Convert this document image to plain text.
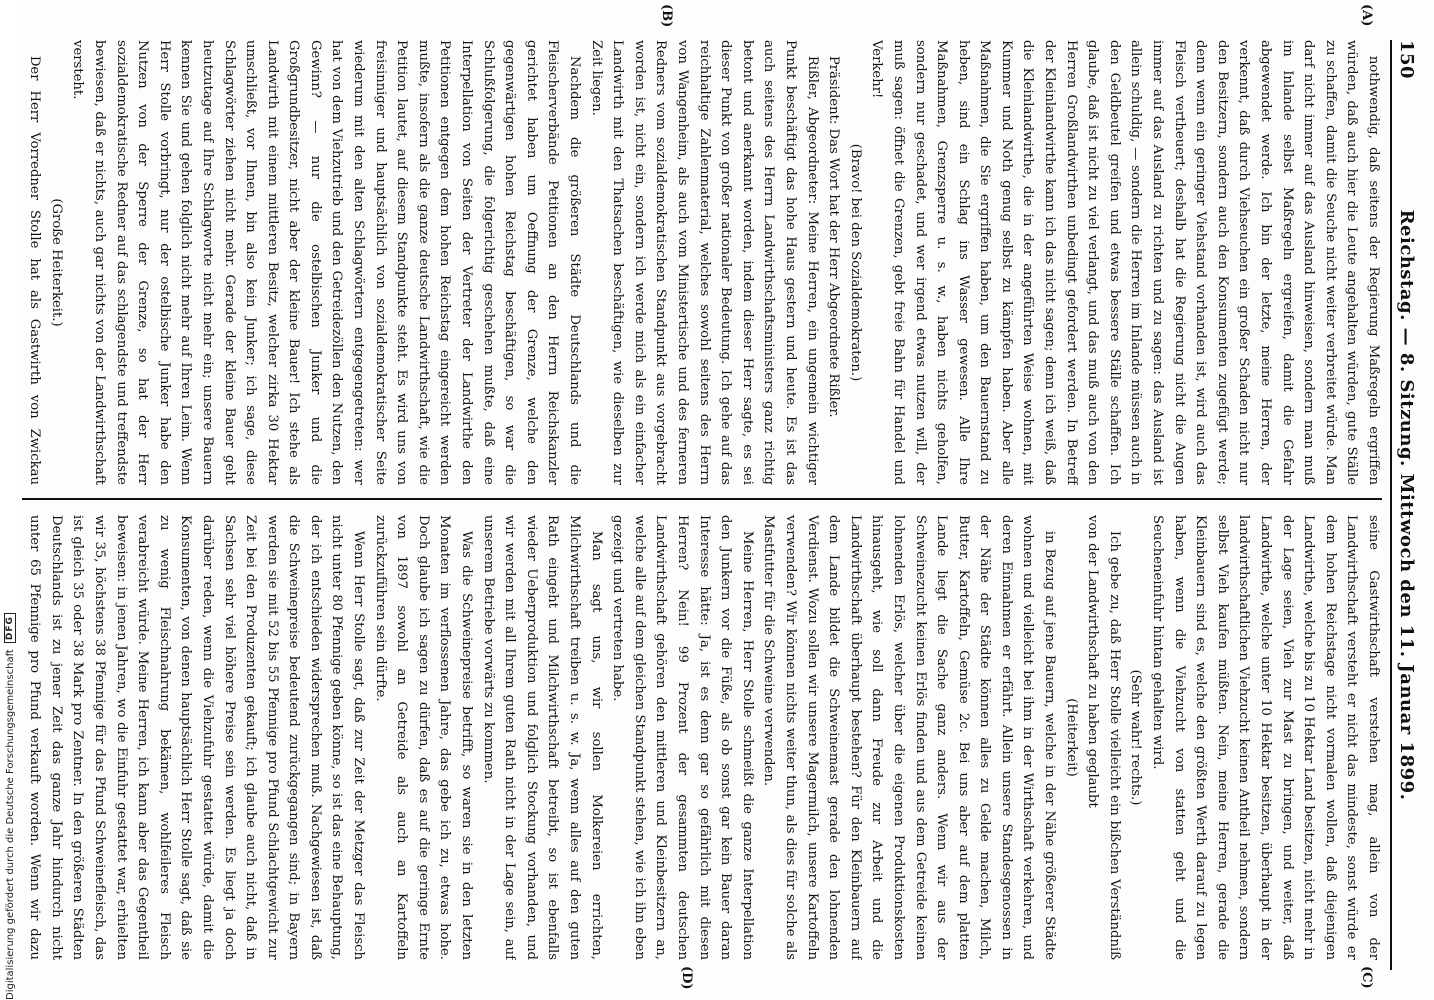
Digitalisierung gefördert durch die Deutsche Forschungsgemeinschaft
DFG
150
Reichstag. — 8. Sitzung. Mittwoch den 11. Januar 1899.
(A)
(B)
(C)
(D)

nothwendig, daß seitens der Regierung Maßregeln ergriffen würden, daß auch hier die Leute angehalten würden, gute Ställe zu schaffen, damit die Seuche nicht weiter verbreitet würde. Man darf nicht immer auf das Ausland hinweisen, sondern man muß im Inlande selbst Maßregeln ergreifen, damit die Gefahr abgewendet werde. Ich bin der letzte, meine Herren, der verkennt, daß durch Viehseuchen ein großer Schaden nicht nur den Besitzern, sondern auch den Konsumenten zugefügt werde; denn wenn ein geringer Viehstand vorhanden ist, wird auch das Fleisch vertheuert; deshalb hat die Regierung nicht die Augen immer auf das Ausland zu richten und zu sagen: das Ausland ist allein schuldig, — sondern die Herren im Inlande müssen auch in den Geldbeutel greifen und etwas bessere Ställe schaffen. Ich glaube, daß ist nicht zu viel verlangt, und das muß auch von den Herren Großlandwirthen unbedingt gefordert werden. In Betreff der Kleinlandwirthe kann ich das nicht sagen; denn ich weiß, daß die Kleinlandwirthe, die in der angeführten Weise wohnen, mit Kummer und Noth genug selbst zu kämpfen haben. Aber alle Maßnahmen, die Sie ergriffen haben, um den Bauernstand zu heben, sind ein Schlag ins Wasser gewesen. Alle Ihre Maßnahmen, Grenzsperre u. s. w., haben nichts geholfen, sondern nur geschadet, und wer irgend etwas nutzen will, der muß sagen: öffnet die Grenzen, gebt freie Bahn für Handel und Verkehr!

(Bravo! bei den Sozialdemokraten.)

Präsident: Das Wort hat der Herr Abgeordnete Rißler.

Rißler, Abgeordneter: Meine Herren, ein ungemein wichtiger Punkt beschäftigt das hohe Haus gestern und heute. Es ist das auch seitens des Herrn Landwirthschaftsministers ganz richtig betont und anerkannt worden, indem dieser Herr sagte, es sei dieser Punkt von großer nationaler Bedeutung. Ich gehe auf das reichhaltige Zahlenmaterial, welches sowohl seitens des Herrn von Wangenheim, als auch vom Ministertische und des ferneren Redners vom sozialdemokratischen Standpunkt aus vorgebracht worden ist, nicht ein, sondern ich werde mich als ein einfacher Landwirth mit den Thatsachen beschäftigen, wie dieselben zur Zeit liegen.

Nachdem die größeren Städte Deutschlands und die Fleischerverbände Petitionen an den Herrn Reichskanzler gerichtet haben um Oeffnung der Grenze, welche den gegenwärtigen hohen Reichstag beschäftigen, so war die Schlußfolgerung, die folgerichtig geschehen mußte, daß eine Interpellation von Seiten der Vertreter der Landwirthe den Petitionen entgegen dem hohen Reichstag eingereicht werden mußte, insofern als die ganze deutsche Landwirthschaft, wie die Petition lautet, auf diesem Standpunkte steht. Es wird uns von freisinniger und hauptsächlich von sozialdemokratischer Seite wiederum mit den alten Schlagwörtern entgegengetreten: wer hat von dem Viehzutrieb und den Getreidezöllen den Nutzen, den Gewinn? — nur die ostelbischen Junker und die Großgrundbesitzer, nicht aber der kleine Bauer! Ich stehe als Landwirth mit einem mittleren Besitz, welcher zirka 30 Hektar umschließt, vor Ihnen, bin also kein Junker; ich sage, diese Schlagwörter ziehen nicht mehr. Gerade der kleine Bauer geht heutzutage auf Ihre Schlagworte nicht mehr ein; unsere Bauern kennen Sie und gehen folglich nicht mehr auf Ihren Leim. Wenn Herr Stolle vorbringt, nur der ostelbische Junker habe den Nutzen von der Sperre der Grenze, so hat der Herr sozialdemokratische Redner auf das schlagendste und treffendste bewiesen, daß er nichts, auch gar nichts von der Landwirthschaft versteht.

(Große Heiterkeit.)

Der Herr Vorredner Stolle hat als Gastwirth von Zwickau

seine Gastwirthschaft verstehen mag, allein von der Landwirthschaft versteht er nicht das mindeste, sonst würde er dem hohen Reichstage nicht vormalen wollen, daß diejenigen Landwirthe, welche bis zu 10 Hektar Land besitzen, nicht mehr in der Lage seien, Vieh zur Mast zu bringen, und weiter, daß Landwirthe, welche unter 10 Hektar besitzen, überhaupt in der landwirthschaftlichen Viehzucht keinen Antheil nehmen, sondern selbst Vieh kaufen müßten. Nein, meine Herren, gerade die Kleinbauern sind es, welche den größten Werth darauf zu legen haben, wenn die Viehzucht von statten geht und die Seucheneinfuhr hintan gehalten wird.

(Sehr wahr! rechts.)

Ich gebe zu, daß Herr Stolle vielleicht ein bißchen Verständniß von der Landwirthschaft zu haben geglaubt

(Heiterkeit)

in Bezug auf jene Bauern, welche in der Nähe größerer Städte wohnen und vielleicht bei ihm in der Wirthschaft verkehren, und deren Einnahmen er erfährt. Allein unsere Standesgenossen in der Nähe der Städte können alles zu Gelde machen, Milch, Butter, Kartoffeln, Gemüse 2c. Bei uns aber auf dem platten Lande liegt die Sache ganz anders. Wenn wir aus der Schweinezucht keinen Erlös finden und aus dem Getreide keinen lohnenden Erlös, welcher über die eigenen Produktionskosten hinausgeht, wie soll dann Freude zur Arbeit und die Landwirthschaft überhaupt bestehen? Für den Kleinbauern auf dem Lande bildet die Schweinemast gerade den lohnenden Verdienst. Wozu sollen wir unsere Magermilch, unsere Kartoffeln verwenden? Wir können nichts weiter thun, als dies für solche als Mastfutter für die Schweine verwenden.

Meine Herren, Herr Stolle schmeißt die ganze Interpellation den Junkern vor die Füße, als ob sonst gar kein Bauer daran Interesse hätte: Ja, ist es denn gar so gefährlich mit diesen Herren? Nein! 99 Prozent der gesammten deutschen Landwirthschaft gehören den mittleren und Kleinbesitzern an, welche alle auf dem gleichen Standpunkt stehen, wie ich ihn eben gezeigt und vertreten habe.

Man sagt uns, wir sollen Molkereien errichten, Milchwirthschaft treiben u. s. w. Ja, wenn alles auf den guten Rath eingeht und Milchwirthschaft betreibt, so ist ebenfalls wieder Ueberproduktion und folglich Stockung vorhanden, und wir werden mit all Ihrem guten Rath nicht in der Lage sein, auf unserem Betriebe vorwärts zu kommen.

Was die Schweinepreise betrifft, so waren sie in den letzten Monaten im verflossenen Jahre, das gebe ich zu, etwas hohe. Doch glaube ich sagen zu dürfen, daß es auf die geringe Ernte von 1897 sowohl an Getreide als auch an Kartoffeln zurückzuführen sein dürfte.

Wenn Herr Stolle sagt, daß zur Zeit der Metzger das Fleisch nicht unter 80 Pfennige geben könne, so ist das eine Behauptung, der ich entschieden widersprechen muß. Nachgewiesen ist, daß die Schweinepreise bedeutend zurückgegangen sind; in Bayern werden sie mit 52 bis 55 Pfennige pro Pfund Schlachtgewicht zur Zeit bei den Produzenten gekauft; ich glaube auch nicht, daß in Sachsen sehr viel höhere Preise sein werden. Es liegt ja doch darüber reden, wenn die Viehzufuhr gestattet würde, damit die Konsumenten, von denen hauptsächlich Herr Stolle sagt, daß sie zu wenig Fleischnahrung bekämen, wohlfeileres Fleisch verabreicht würde. Meine Herren, ich kann aber das Gegentheil beweisen: in jenen Jahren, wo die Einfuhr gestattet war, erhielten wir 35, höchstens 38 Pfennige für das Pfund Schweinefleisch, das ist gleich 35 oder 38 Mark pro Zentner. In den größeren Städten Deutschlands ist zu jener Zeit das ganze Jahr hindurch nicht unter 65 Pfennige pro Pfund verkauft worden. Wenn wir dazu
